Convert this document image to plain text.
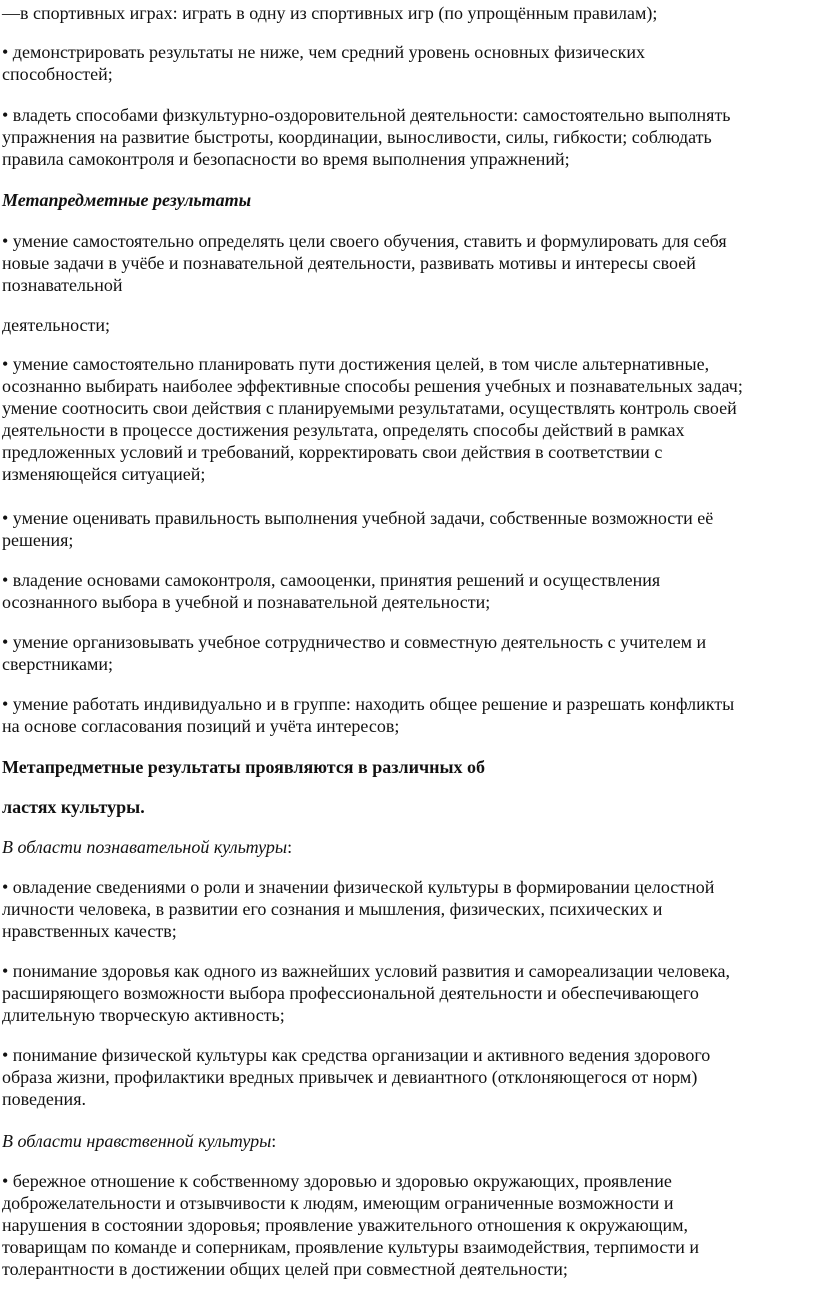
—в спортивных играх: играть в одну из спортивных игр (по упрощённым правилам);

• демонстрировать результаты не ниже, чем средний уровень основных физических
способностей;

• владеть способами физкультурно-оздоровительной деятельности: самостоятельно выполнять
упражнения на развитие быстроты, координации, выносливости, силы, гибкости; соблюдать
правила самоконтроля и безопасности во время выполнения упражнений;

Метапредметные результаты

• умение самостоятельно определять цели своего обучения, ставить и формулировать для себя
новые задачи в учёбе и познавательной деятельности, развивать мотивы и интересы своей
познавательной

деятельности;

• умение самостоятельно планировать пути достижения целей, в том числе альтернативные,
осознанно выбирать наиболее эффективные способы решения учебных и познавательных задач;
умение соотносить свои действия с планируемыми результатами, осуществлять контроль своей
деятельности в процессе достижения результата, определять способы действий в рамках
предложенных условий и требований, корректировать свои действия в соответствии с
изменяющейся ситуацией;

• умение оценивать правильность выполнения учебной задачи, собственные возможности её
решения;

• владение основами самоконтроля, самооценки, принятия решений и осуществления
осознанного выбора в учебной и познавательной деятельности;

• умение организовывать учебное сотрудничество и совместную деятельность с учителем и
сверстниками;

• умение работать индивидуально и в группе: находить общее решение и разрешать конфликты
на основе согласования позиций и учёта интересов;

Метапредметные результаты проявляются в различных об

ластях культуры.

В области познавательной культуры:

• овладение сведениями о роли и значении физической культуры в формировании целостной
личности человека, в развитии его сознания и мышления, физических, психических и
нравственных качеств;

• понимание здоровья как одного из важнейших условий развития и самореализации человека,
расширяющего возможности выбора профессиональной деятельности и обеспечивающего
длительную творческую активность;

• понимание физической культуры как средства организации и активного ведения здорового
образа жизни, профилактики вредных привычек и девиантного (отклоняющегося от норм)
поведения.

В области нравственной культуры:

• бережное отношение к собственному здоровью и здоровью окружающих, проявление
доброжелательности и отзывчивости к людям, имеющим ограниченные возможности и
нарушения в состоянии здоровья; проявление уважительного отношения к окружающим,
товарищам по команде и соперникам, проявление культуры взаимодействия, терпимости и
толерантности в достижении общих целей при совместной деятельности;
